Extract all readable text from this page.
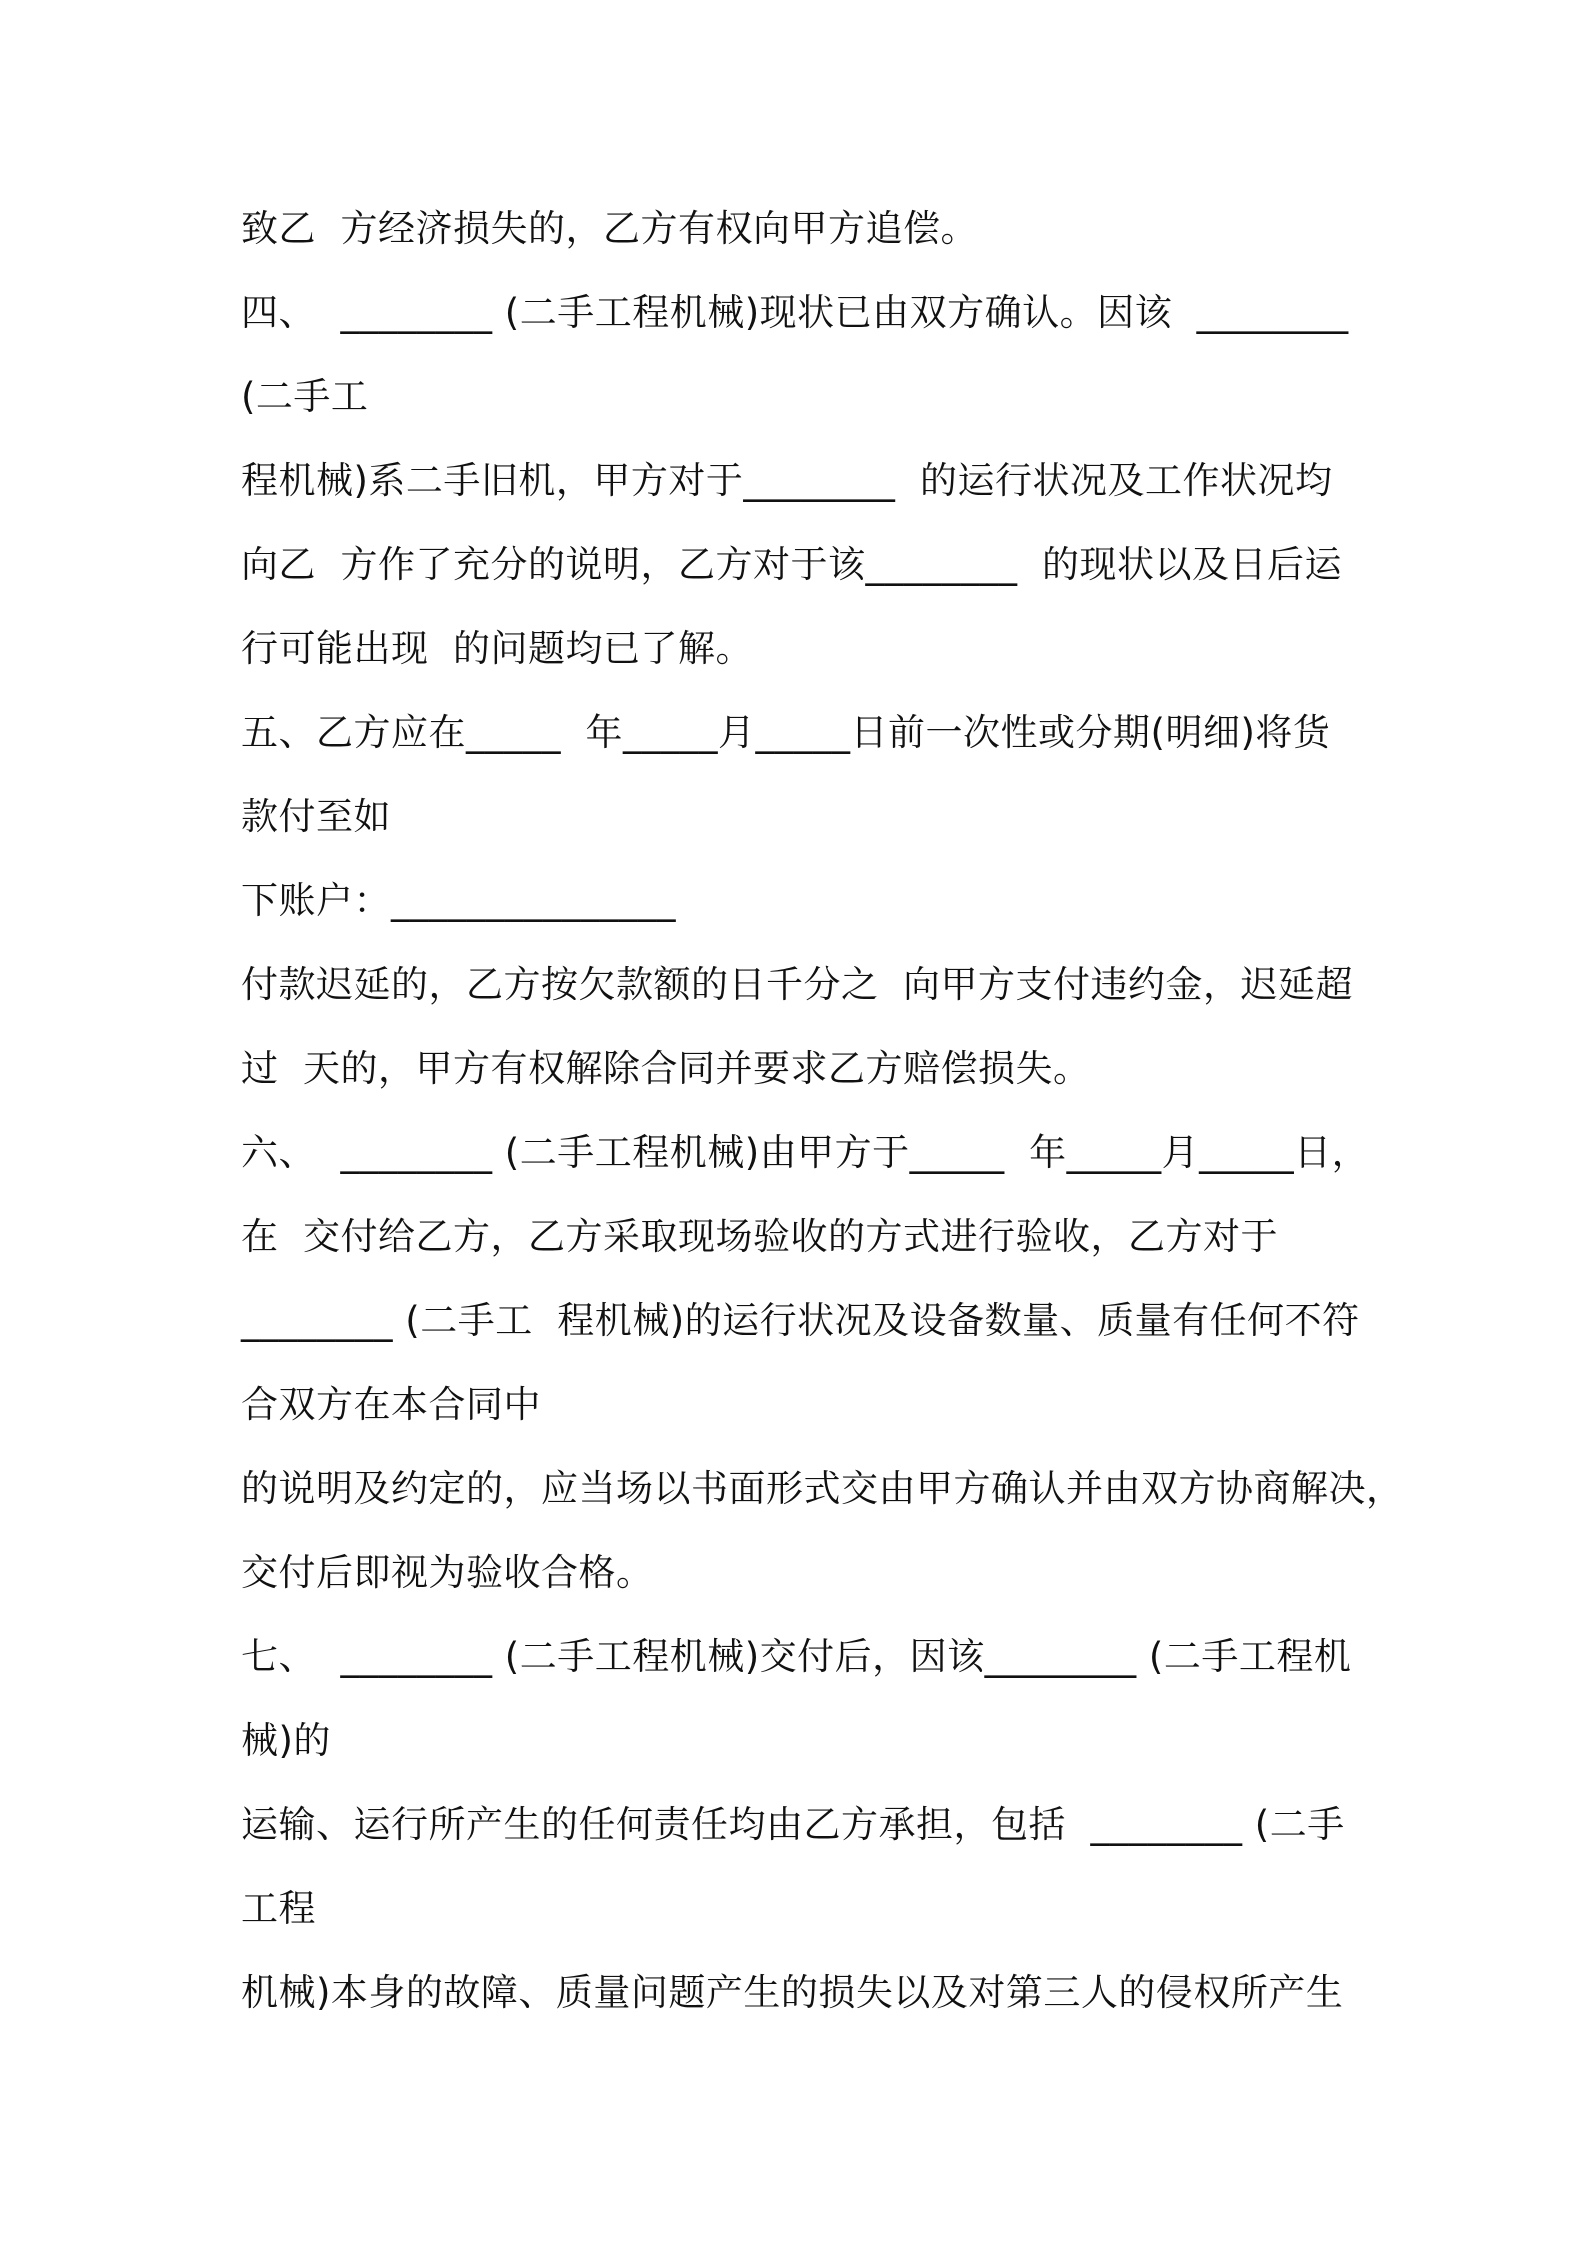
致乙  方经济损失的，乙方有权向甲方追偿。
四、  ________ (二手工程机械)现状已由双方确认。因该  ________
(二手工
程机械)系二手旧机，甲方对于________  的运行状况及工作状况均
向乙  方作了充分的说明，乙方对于该________  的现状以及日后运
行可能出现  的问题均已了解。
五、乙方应在_____  年_____月_____日前一次性或分期(明细)将货
款付至如
下账户：_______________
付款迟延的，乙方按欠款额的日千分之  向甲方支付违约金，迟延超
过  天的，甲方有权解除合同并要求乙方赔偿损失。
六、  ________ (二手工程机械)由甲方于_____  年_____月_____日，
在  交付给乙方，乙方采取现场验收的方式进行验收，乙方对于
________ (二手工  程机械)的运行状况及设备数量、质量有任何不符
合双方在本合同中
的说明及约定的，应当场以书面形式交由甲方确认并由双方协商解决，
交付后即视为验收合格。
七、  ________ (二手工程机械)交付后，因该________ (二手工程机
械)的
运输、运行所产生的任何责任均由乙方承担，包括  ________ (二手
工程
机械)本身的故障、质量问题产生的损失以及对第三人的侵权所产生
